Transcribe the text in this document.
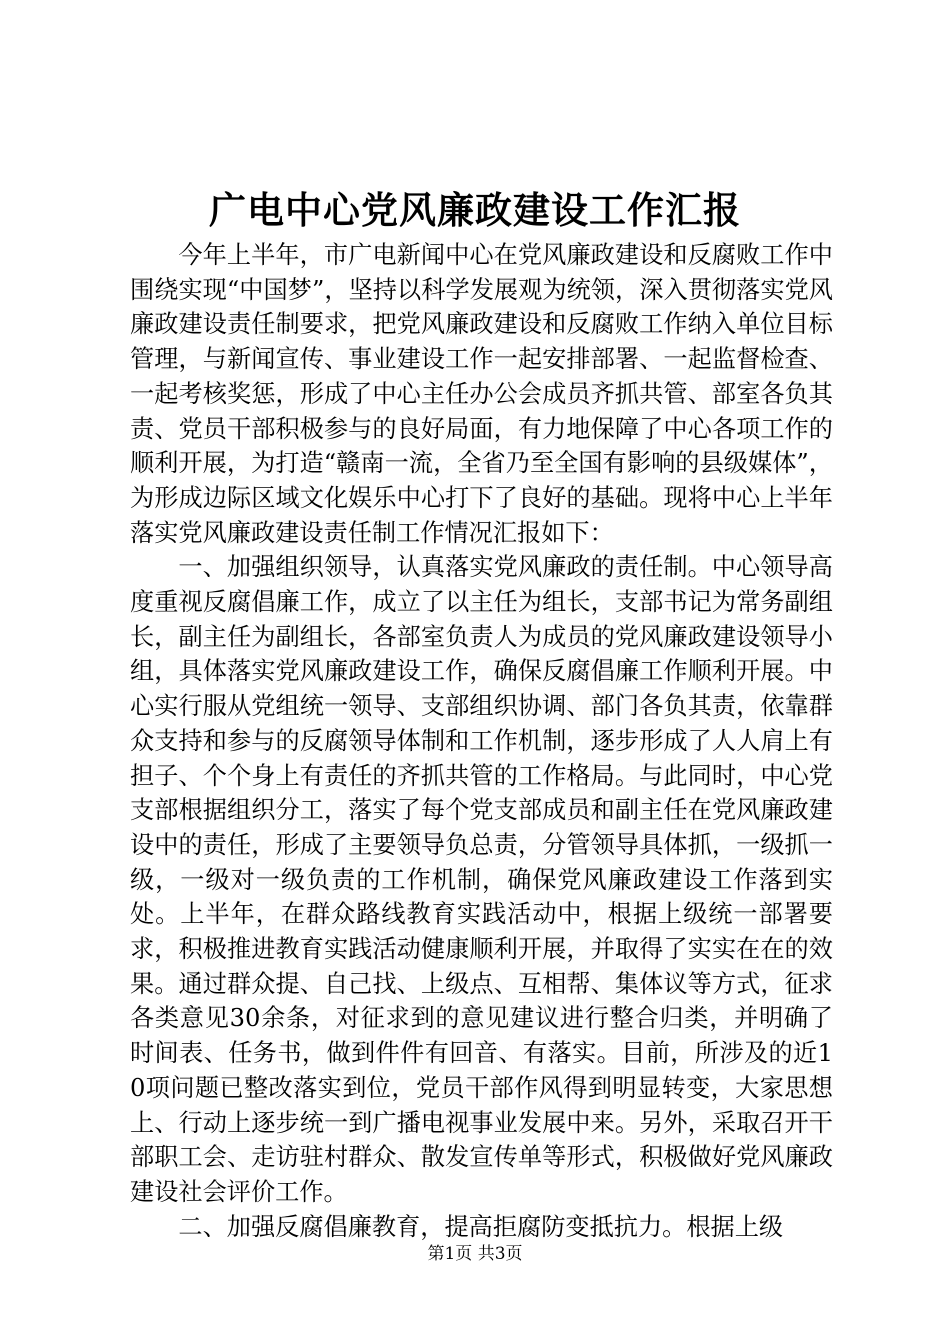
广电中心党风廉政建设工作汇报

今年上半年，市广电新闻中心在党风廉政建设和反腐败工作中围绕实现“中国梦”，坚持以科学发展观为统领，深入贯彻落实党风廉政建设责任制要求，把党风廉政建设和反腐败工作纳入单位目标管理，与新闻宣传、事业建设工作一起安排部署、一起监督检查、一起考核奖惩，形成了中心主任办公会成员齐抓共管、部室各负其责、党员干部积极参与的良好局面，有力地保障了中心各项工作的顺利开展，为打造“赣南一流，全省乃至全国有影响的县级媒体”，为形成边际区域文化娱乐中心打下了良好的基础。现将中心上半年落实党风廉政建设责任制工作情况汇报如下：

一、加强组织领导，认真落实党风廉政的责任制。中心领导高度重视反腐倡廉工作，成立了以主任为组长，支部书记为常务副组长，副主任为副组长，各部室负责人为成员的党风廉政建设领导小组，具体落实党风廉政建设工作，确保反腐倡廉工作顺利开展。中心实行服从党组统一领导、支部组织协调、部门各负其责，依靠群众支持和参与的反腐领导体制和工作机制，逐步形成了人人肩上有担子、个个身上有责任的齐抓共管的工作格局。与此同时，中心党支部根据组织分工，落实了每个党支部成员和副主任在党风廉政建设中的责任，形成了主要领导负总责，分管领导具体抓，一级抓一级，一级对一级负责的工作机制，确保党风廉政建设工作落到实处。上半年，在群众路线教育实践活动中，根据上级统一部署要求，积极推进教育实践活动健康顺利开展，并取得了实实在在的效果。通过群众提、自己找、上级点、互相帮、集体议等方式，征求各类意见30余条，对征求到的意见建议进行整合归类，并明确了时间表、任务书，做到件件有回音、有落实。目前，所涉及的近10项问题已整改落实到位，党员干部作风得到明显转变，大家思想上、行动上逐步统一到广播电视事业发展中来。另外，采取召开干部职工会、走访驻村群众、散发宣传单等形式，积极做好党风廉政建设社会评价工作。

二、加强反腐倡廉教育，提高拒腐防变抵抗力。根据上级

第1页 共3页
